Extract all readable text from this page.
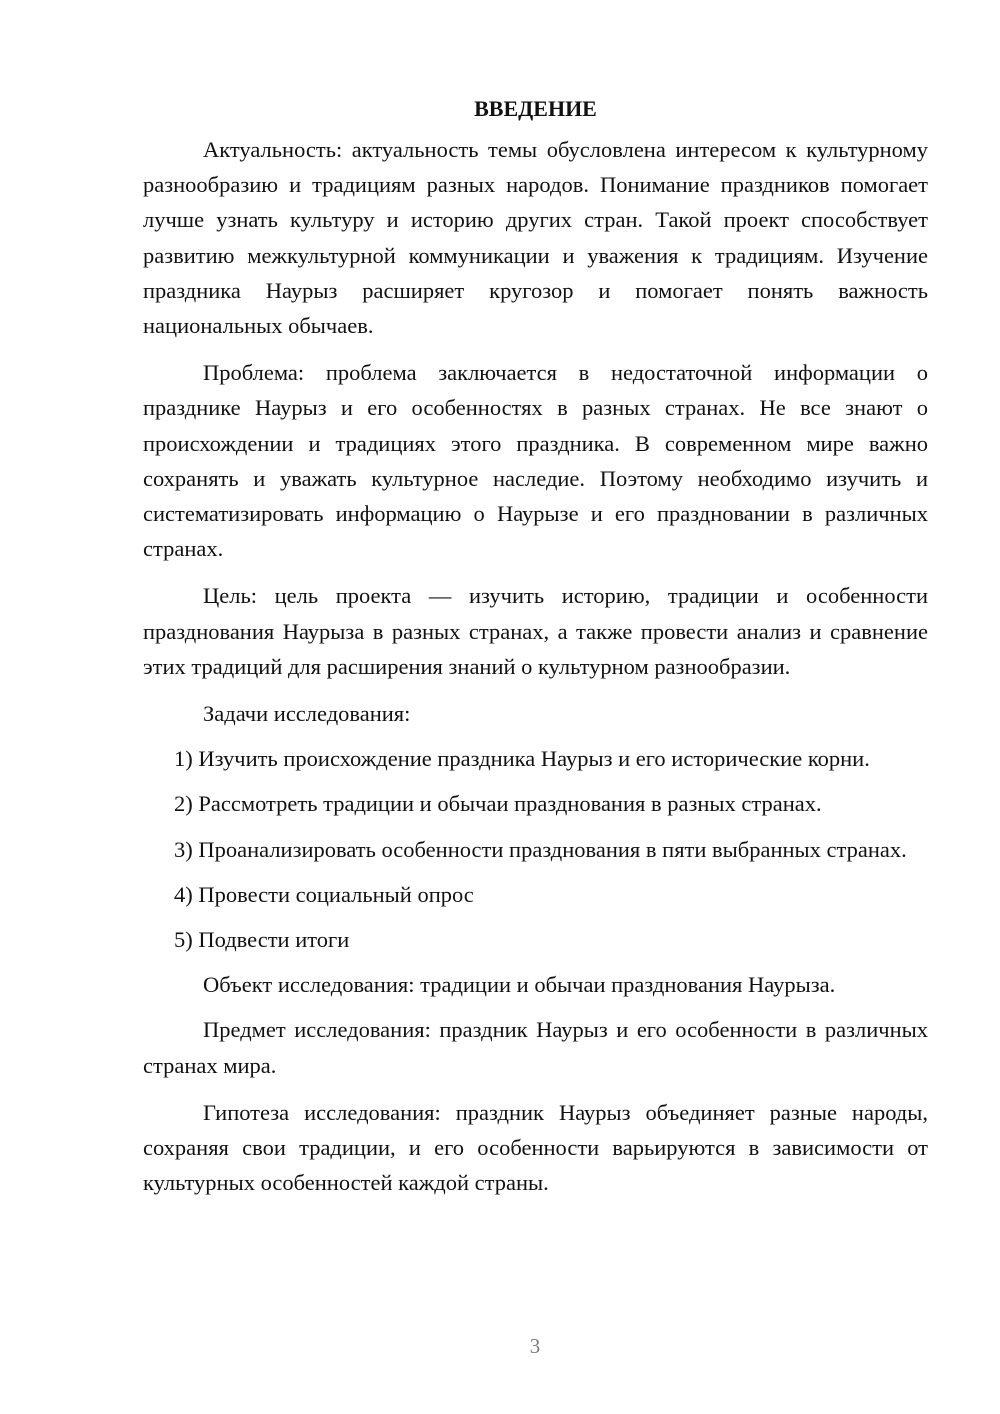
ВВЕДЕНИЕ

Актуальность: актуальность темы обусловлена интересом к культурному разнообразию и традициям разных народов. Понимание праздников помогает лучше узнать культуру и историю других стран. Такой проект способствует развитию межкультурной коммуникации и уважения к традициям. Изучение праздника Наурыз расширяет кругозор и помогает понять важность национальных обычаев.

Проблема: проблема заключается в недостаточной информации о празднике Наурыз и его особенностях в разных странах. Не все знают о происхождении и традициях этого праздника. В современном мире важно сохранять и уважать культурное наследие. Поэтому необходимо изучить и систематизировать информацию о Наурызе и его праздновании в различных странах.

Цель: цель проекта — изучить историю, традиции и особенности празднования Наурыза в разных странах, а также провести анализ и сравнение этих традиций для расширения знаний о культурном разнообразии.

Задачи исследования:

1) Изучить происхождение праздника Наурыз и его исторические корни.

2) Рассмотреть традиции и обычаи празднования в разных странах.

3) Проанализировать особенности празднования в пяти выбранных странах.

4) Провести социальный опрос

5) Подвести итоги

Объект исследования: традиции и обычаи празднования Наурыза.

Предмет исследования: праздник Наурыз и его особенности в различных странах мира.

Гипотеза исследования: праздник Наурыз объединяет разные народы, сохраняя свои традиции, и его особенности варьируются в зависимости от культурных особенностей каждой страны.

3
